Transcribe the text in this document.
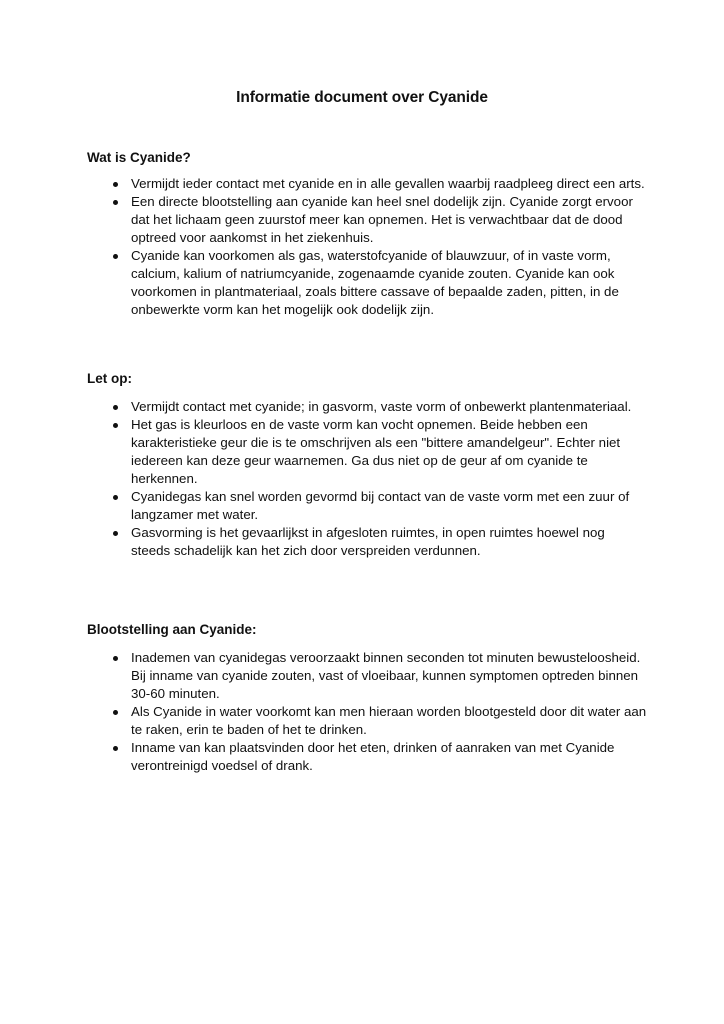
Informatie document over Cyanide
Wat is Cyanide?
Vermijdt ieder contact met cyanide en in alle gevallen waarbij raadpleeg direct een arts.
Een directe blootstelling aan cyanide kan heel snel dodelijk zijn. Cyanide zorgt ervoor dat het lichaam geen zuurstof meer kan opnemen. Het is verwachtbaar dat de dood optreed voor aankomst in het ziekenhuis.
Cyanide kan voorkomen als gas, waterstofcyanide of blauwzuur, of in vaste vorm, calcium, kalium of natriumcyanide, zogenaamde cyanide zouten. Cyanide kan ook voorkomen in plantmateriaal, zoals bittere cassave of bepaalde zaden, pitten, in de onbewerkte vorm kan het mogelijk ook dodelijk zijn.
Let op:
Vermijdt contact met cyanide; in gasvorm, vaste vorm of onbewerkt plantenmateriaal.
Het gas is kleurloos en de vaste vorm kan vocht opnemen. Beide hebben een karakteristieke geur die is te omschrijven als een "bittere amandelgeur". Echter niet iedereen kan deze geur waarnemen. Ga dus niet op de geur af om cyanide te herkennen.
Cyanidegas kan snel worden gevormd bij contact van de vaste vorm met een zuur of langzamer met water.
Gasvorming is het gevaarlijkst in afgesloten ruimtes, in open ruimtes hoewel nog steeds schadelijk kan het zich door verspreiden verdunnen.
Blootstelling aan Cyanide:
Inademen van cyanidegas veroorzaakt binnen seconden tot minuten bewusteloosheid. Bij inname van cyanide zouten, vast of vloeibaar, kunnen symptomen optreden binnen 30-60 minuten.
Als Cyanide in water voorkomt kan men hieraan worden blootgesteld door dit water aan te raken, erin te baden of het te drinken.
Inname van kan plaatsvinden door het eten, drinken of aanraken van met Cyanide verontreinigd voedsel of drank.
